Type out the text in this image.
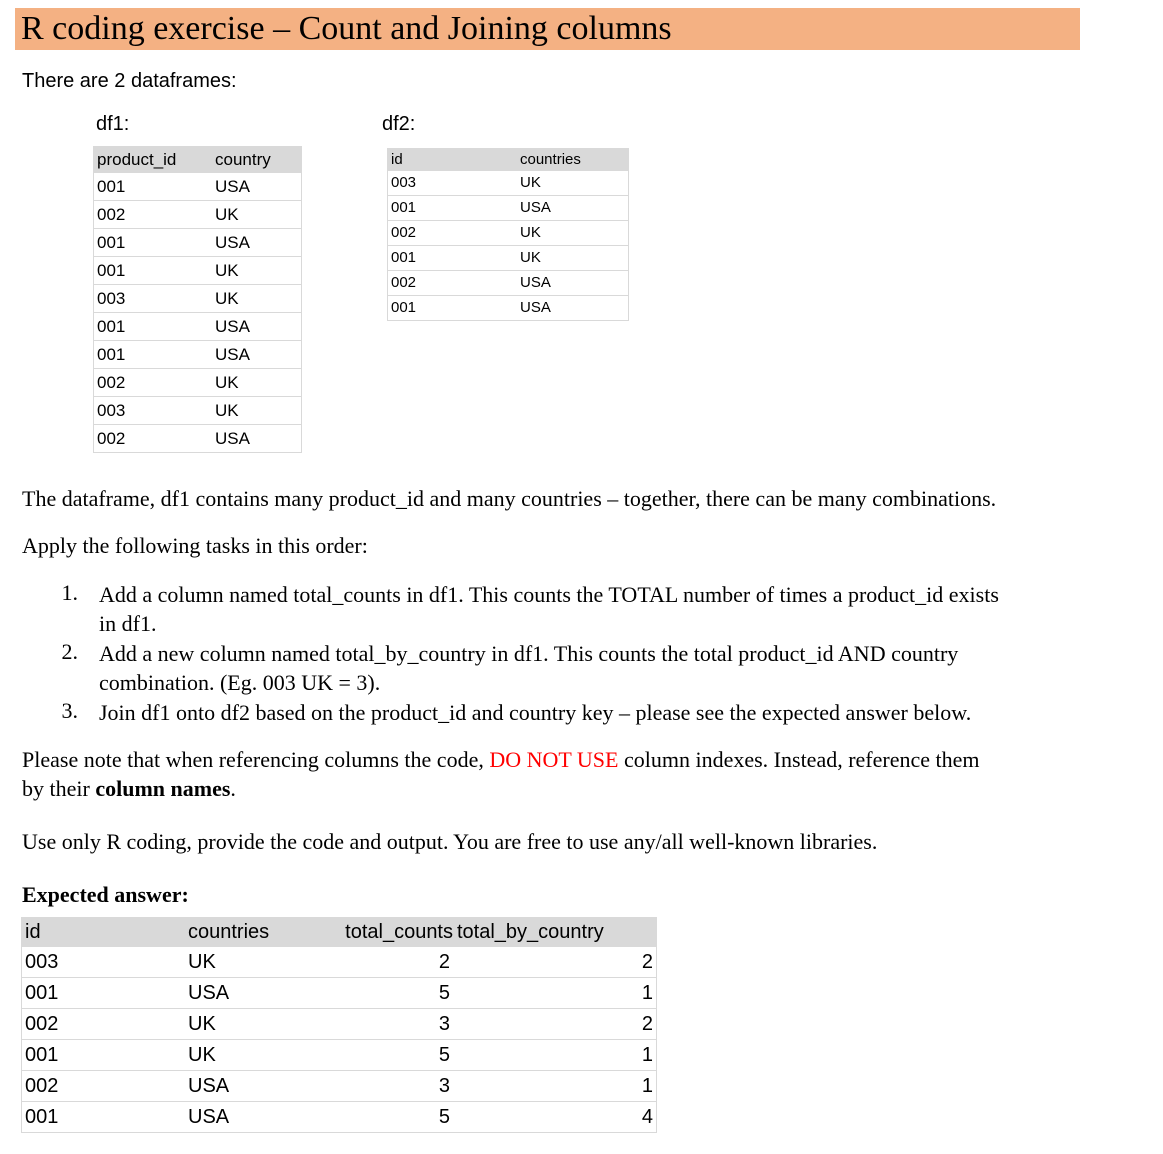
R coding exercise – Count and Joining columns
There are 2 dataframes:
df1:	df2:
product_id	country
001	USA
002	UK
001	USA
001	UK
003	UK
001	USA
001	USA
002	UK
003	UK
002	USA
id	countries
003	UK
001	USA
002	UK
001	UK
002	USA
001	USA
The dataframe, df1 contains many product_id and many countries – together, there can be many combinations.
Apply the following tasks in this order:
1. Add a column named total_counts in df1. This counts the TOTAL number of times a product_id exists
in df1.
2. Add a new column named total_by_country in df1. This counts the total product_id AND country
combination. (Eg. 003 UK = 3).
3. Join df1 onto df2 based on the product_id and country key – please see the expected answer below.
Please note that when referencing columns the code, DO NOT USE column indexes. Instead, reference them
by their column names.
Use only R coding, provide the code and output. You are free to use any/all well-known libraries.
Expected answer:
id	countries	total_counts	total_by_country
003	UK	2	2
001	USA	5	1
002	UK	3	2
001	UK	5	1
002	USA	3	1
001	USA	5	4
